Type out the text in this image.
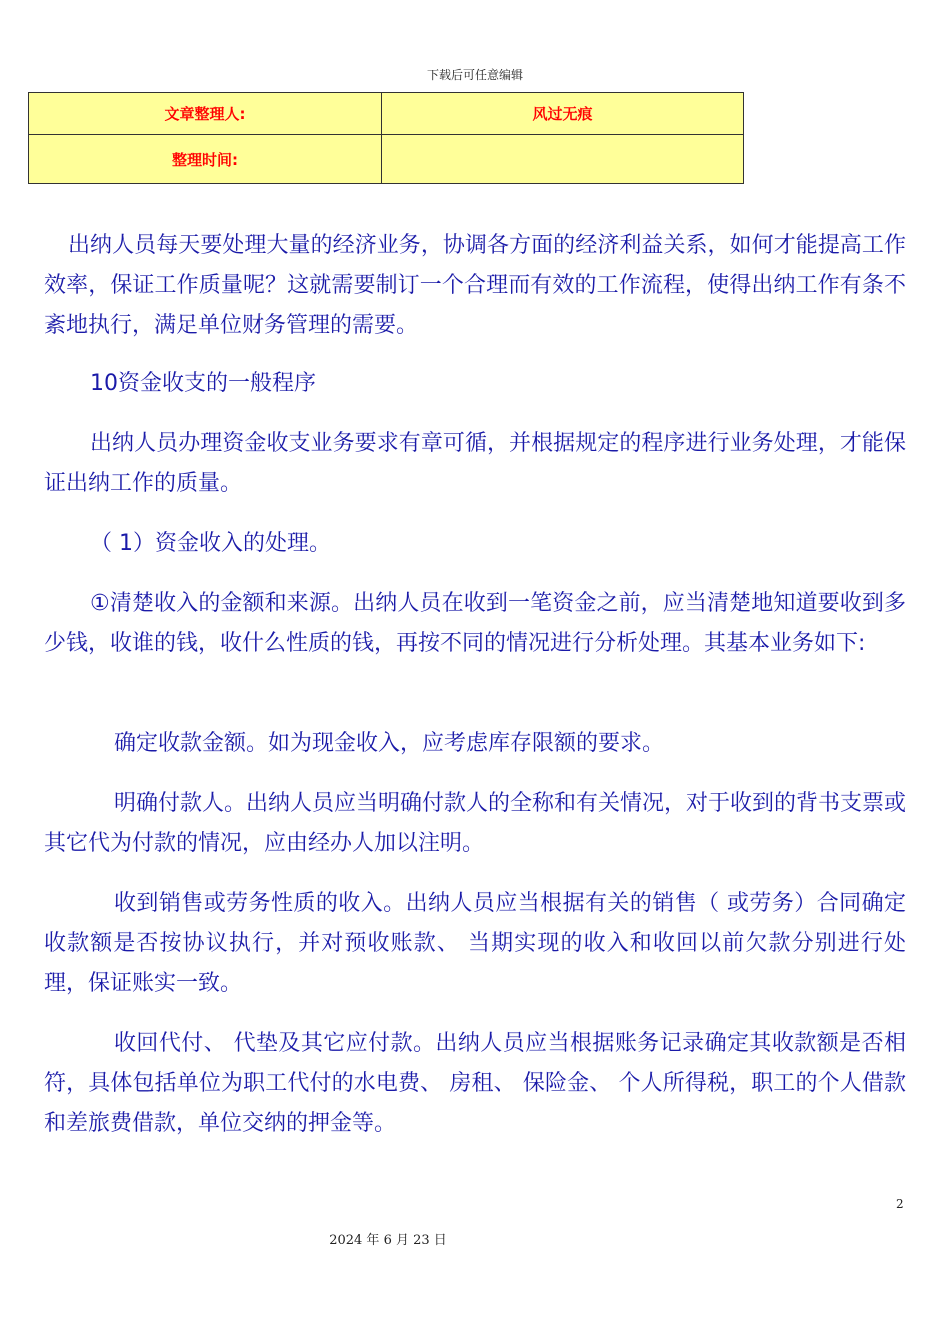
下载后可任意编辑
文章整理人:	风过无痕
整理时间:	

出纳人员每天要处理大量的经济业务，协调各方面的经济利益关系，如何才能提高工作效率，保证工作质量呢？这就需要制订一个合理而有效的工作流程，使得出纳工作有条不紊地执行，满足单位财务管理的需要。

10资金收支的一般程序

出纳人员办理资金收支业务要求有章可循，并根据规定的程序进行业务处理，才能保证出纳工作的质量。

（ 1）资金收入的处理。

①清楚收入的金额和来源。出纳人员在收到一笔资金之前，应当清楚地知道要收到多少钱，收谁的钱，收什么性质的钱，再按不同的情况进行分析处理。其基本业务如下:

确定收款金额。如为现金收入，应考虑库存限额的要求。

明确付款人。出纳人员应当明确付款人的全称和有关情况，对于收到的背书支票或其它代为付款的情况，应由经办人加以注明。

收到销售或劳务性质的收入。出纳人员应当根据有关的销售（ 或劳务）合同确定收款额是否按协议执行，并对预收账款、 当期实现的收入和收回以前欠款分别进行处理，保证账实一致。

收回代付、 代垫及其它应付款。出纳人员应当根据账务记录确定其收款额是否相符，具体包括单位为职工代付的水电费、 房租、 保险金、 个人所得税，职工的个人借款和差旅费借款，单位交纳的押金等。

2
2024 年 6 月 23 日
